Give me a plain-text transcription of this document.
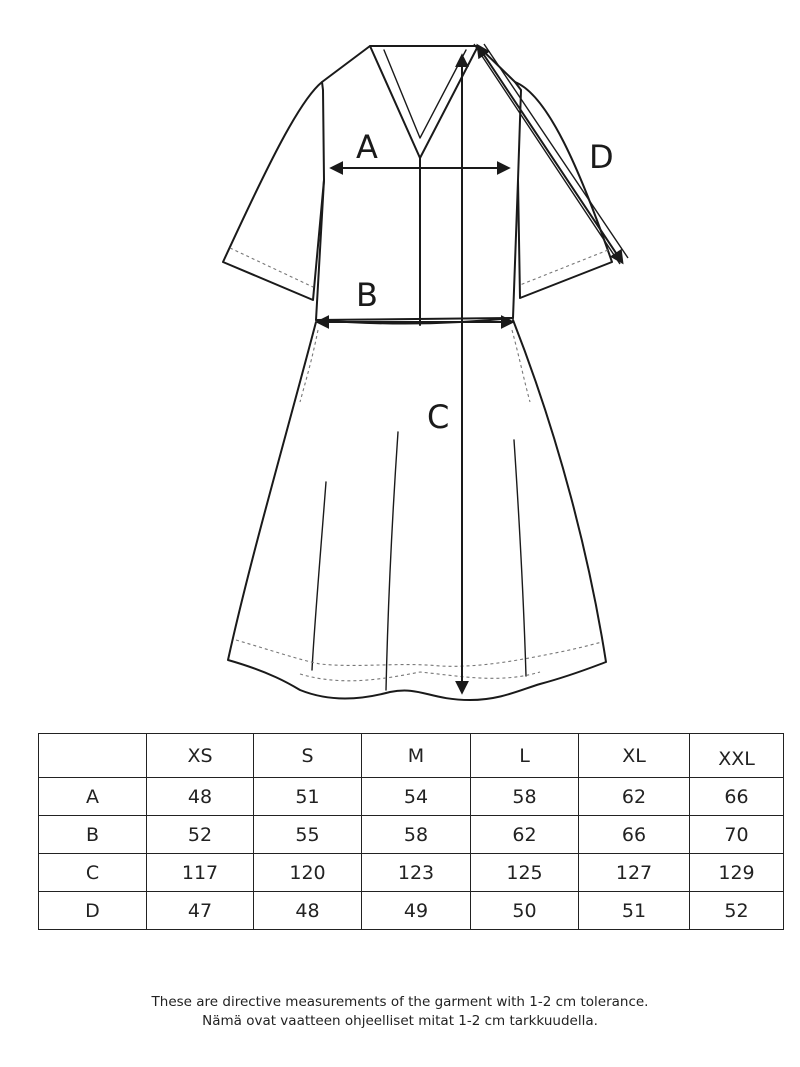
A
B
C
D
	XS	S	M	L	XL	XXL
A	48	51	54	58	62	66
B	52	55	58	62	66	70
C	117	120	123	125	127	129
D	47	48	49	50	51	52
These are directive measurements of the garment with 1-2 cm tolerance.
Nämä ovat vaatteen ohjeelliset mitat 1-2 cm tarkkuudella.
